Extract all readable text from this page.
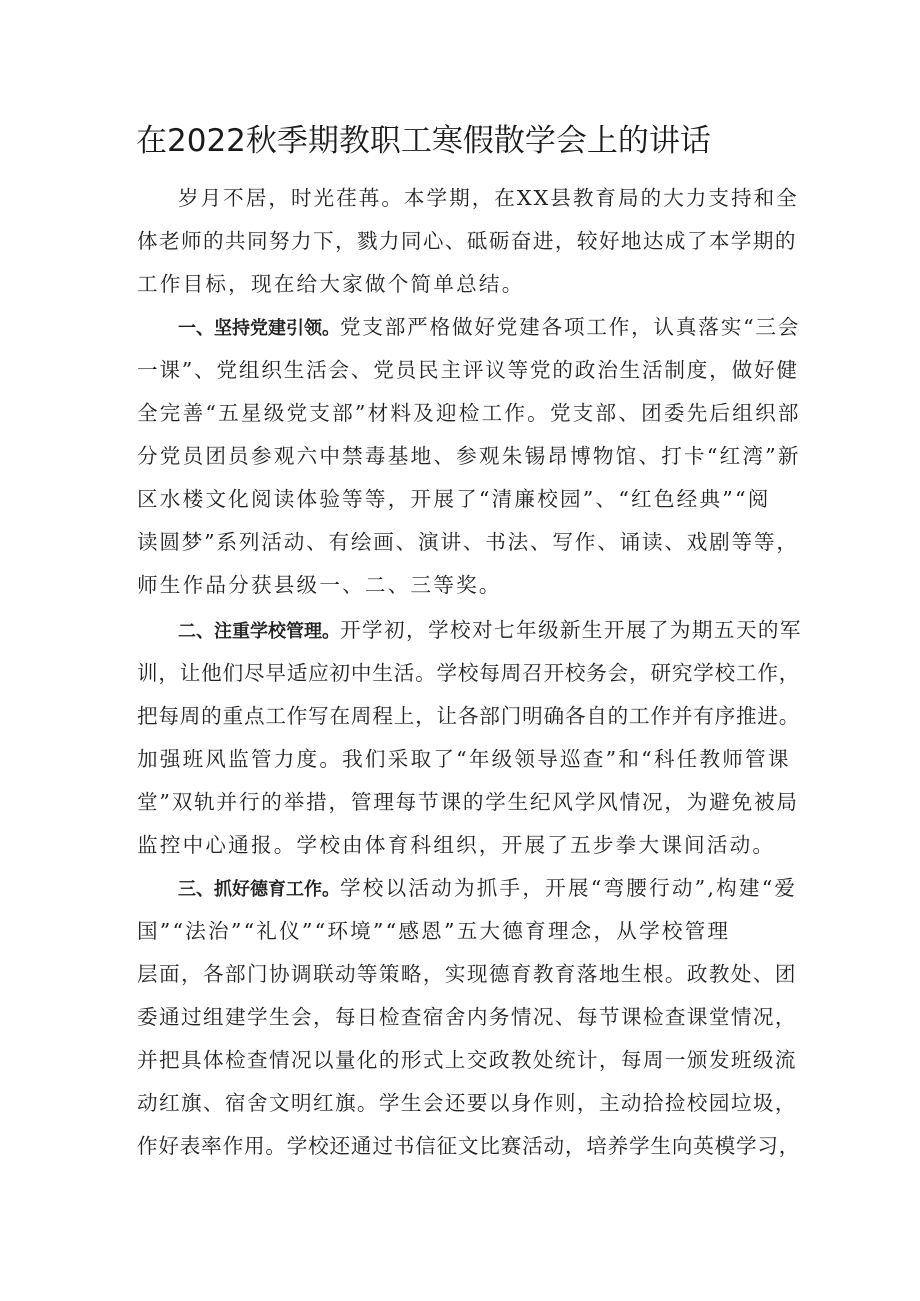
在2022秋季期教职工寒假散学会上的讲话

岁月不居，时光荏苒。本学期，在XX县教育局的大力支持和全

体老师的共同努力下，戮力同心、砥砺奋进，较好地达成了本学期的

工作目标，现在给大家做个简单总结。

一、坚持党建引领。党支部严格做好党建各项工作，认真落实“三会

一课”、党组织生活会、党员民主评议等党的政治生活制度，做好健

全完善“五星级党支部”材料及迎检工作。党支部、团委先后组织部

分党员团员参观六中禁毒基地、参观朱锡昂博物馆、打卡“红湾”新

区水楼文化阅读体验等等，开展了“清廉校园”、“红色经典”“阅

读圆梦”系列活动、有绘画、演讲、书法、写作、诵读、戏剧等等，

师生作品分获县级一、二、三等奖。

二、注重学校管理。开学初，学校对七年级新生开展了为期五天的军

训，让他们尽早适应初中生活。学校每周召开校务会，研究学校工作，

把每周的重点工作写在周程上，让各部门明确各自的工作并有序推进。

加强班风监管力度。我们采取了“年级领导巡查”和“科任教师管课

堂”双轨并行的举措，管理每节课的学生纪风学风情况，为避免被局

监控中心通报。学校由体育科组织，开展了五步拳大课间活动。

三、抓好德育工作。学校以活动为抓手，开展“弯腰行动”,构建“爱

国”“法治”“礼仪”“环境”“感恩”五大德育理念，从学校管理

层面，各部门协调联动等策略，实现德育教育落地生根。政教处、团

委通过组建学生会，每日检查宿舍内务情况、每节课检查课堂情况，

并把具体检查情况以量化的形式上交政教处统计，每周一颁发班级流

动红旗、宿舍文明红旗。学生会还要以身作则，主动拾捡校园垃圾，

作好表率作用。学校还通过书信征文比赛活动，培养学生向英模学习，
